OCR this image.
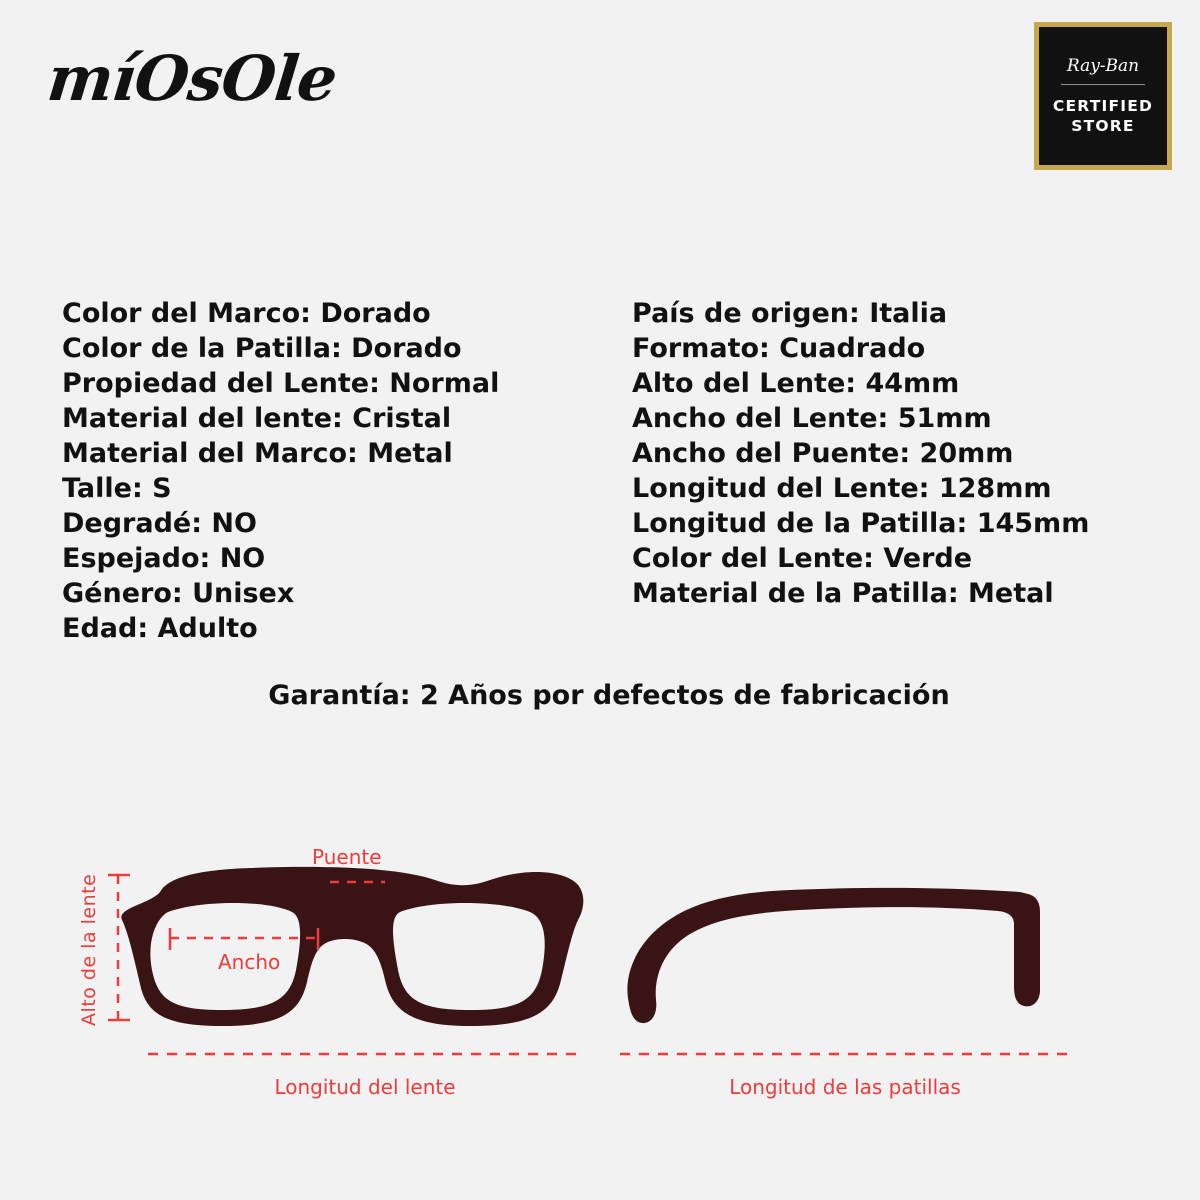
míOsOle	Ray-Ban
CERTIFIED
STORE
Color del Marco: Dorado
Color de la Patilla: Dorado
Propiedad del Lente: Normal
Material del lente: Cristal
Material del Marco: Metal
Talle: S
Degradé: NO
Espejado: NO
Género: Unisex
Edad: Adulto
País de origen: Italia
Formato: Cuadrado
Alto del Lente: 44mm
Ancho del Lente: 51mm
Ancho del Puente: 20mm
Longitud del Lente: 128mm
Longitud de la Patilla: 145mm
Color del Lente: Verde
Material de la Patilla: Metal
Garantía: 2 Años por defectos de fabricación
Puente
Ancho
Alto de la lente
Longitud del lente	Longitud de las patillas
